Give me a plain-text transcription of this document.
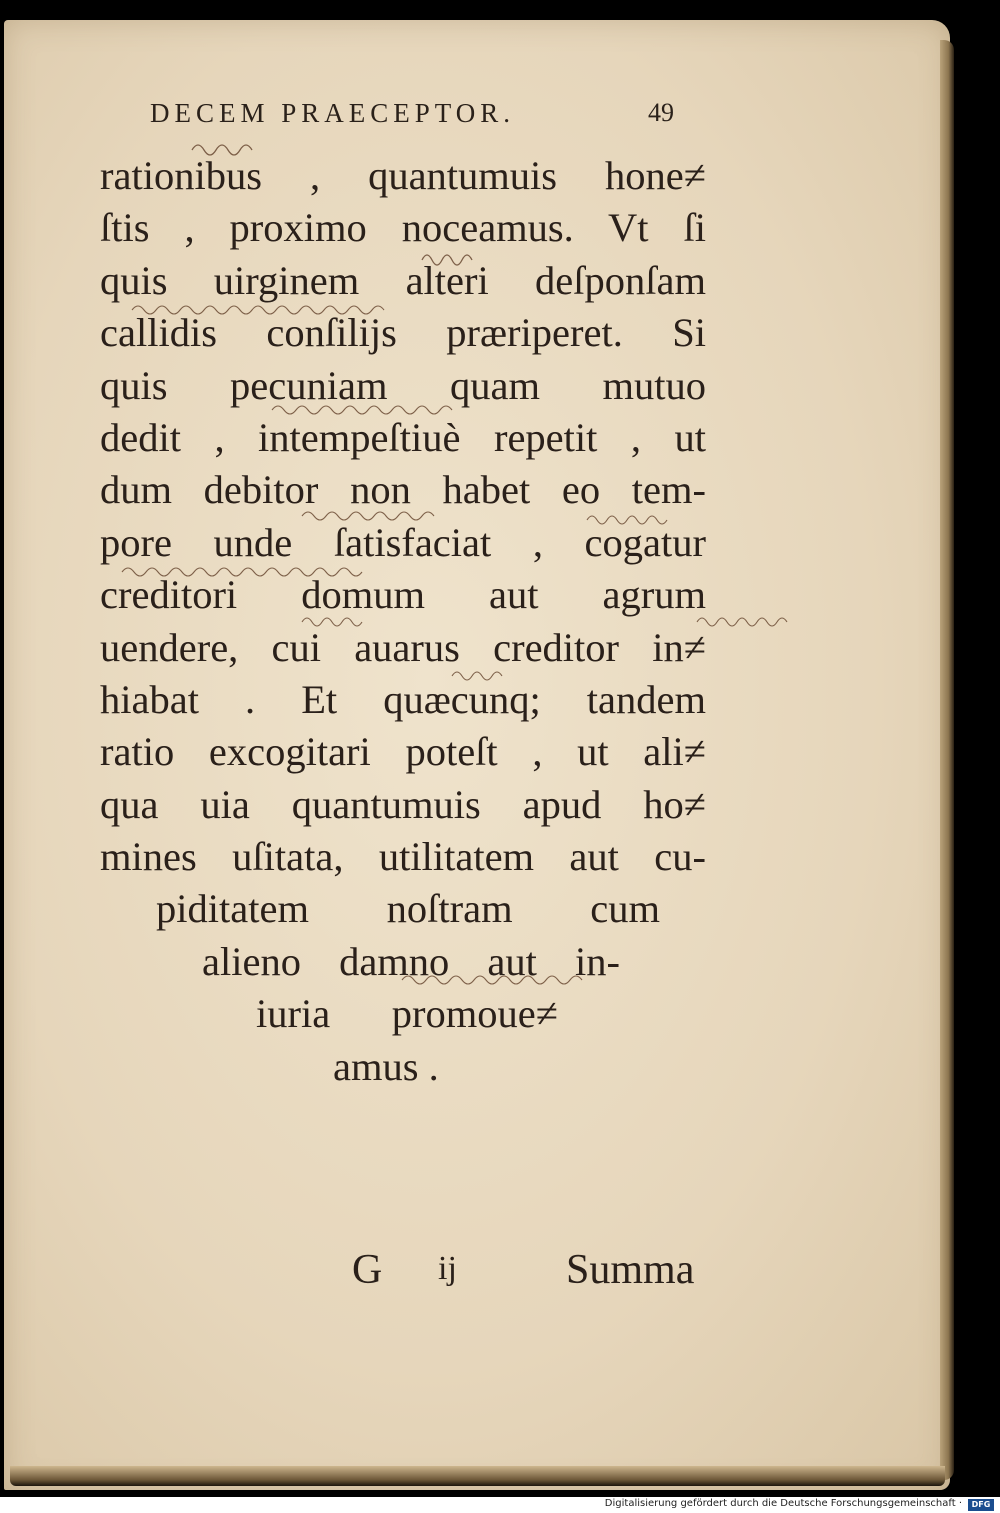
DECEM PRAECEPTOR.	49
rationibus , quantumuis hone≠
ſtis , proximo noceamus. Vt ſi
quis uirginem alteri deſponſam
callidis conſilijs præriperet. Si
quis pecuniam quam mutuo
dedit , intempeſtiuè repetit , ut
dum debitor non habet eo tem-
pore unde ſatisfaciat , cogatur
creditori domum aut agrum
uendere, cui auarus creditor in≠
hiabat . Et quæcunq; tandem
ratio excogitari poteſt , ut ali≠
qua uia quantumuis apud ho≠
mines uſitata, utilitatem aut cu-
piditatem noſtram cum
alieno damno aut in-
iuria promoue≠
amus .
G ij	Summa
Digitalisierung gefördert durch die Deutsche Forschungsgemeinschaft ·	DFG
